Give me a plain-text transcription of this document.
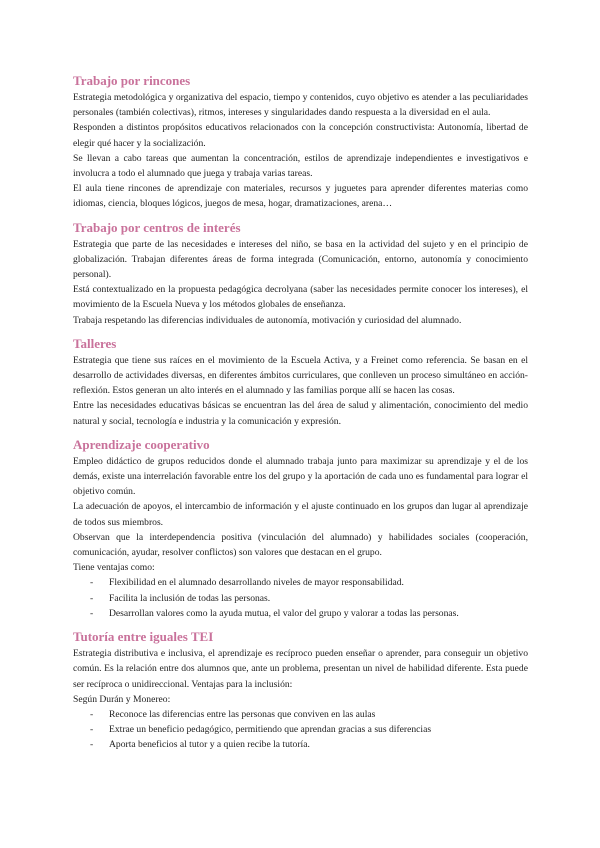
Trabajo por rincones

Estrategia metodológica y organizativa del espacio, tiempo y contenidos, cuyo objetivo es atender a las peculiaridades personales (también colectivas), ritmos, intereses y singularidades dando respuesta a la diversidad en el aula.

Responden a distintos propósitos educativos relacionados con la concepción constructivista: Autonomía, libertad de elegir qué hacer y la socialización.

Se llevan a cabo tareas que aumentan la concentración, estilos de aprendizaje independientes e investigativos e involucra a todo el alumnado que juega y trabaja varias tareas.

El aula tiene rincones de aprendizaje con materiales, recursos y juguetes para aprender diferentes materias como idiomas, ciencia, bloques lógicos, juegos de mesa, hogar, dramatizaciones, arena…

Trabajo por centros de interés

Estrategia que parte de las necesidades e intereses del niño, se basa en la actividad del sujeto y en el principio de globalización. Trabajan diferentes áreas de forma integrada (Comunicación, entorno, autonomía y conocimiento personal).

Está contextualizado en la propuesta pedagógica decrolyana (saber las necesidades permite conocer los intereses), el movimiento de la Escuela Nueva y los métodos globales de enseñanza.

Trabaja respetando las diferencias individuales de autonomía, motivación y curiosidad del alumnado.

Talleres

Estrategia que tiene sus raíces en el movimiento de la Escuela Activa, y a Freinet como referencia. Se basan en el desarrollo de actividades diversas, en diferentes ámbitos curriculares, que conlleven un proceso simultáneo en acción-reflexión. Estos generan un alto interés en el alumnado y las familias porque allí se hacen las cosas.

Entre las necesidades educativas básicas se encuentran las del área de salud y alimentación, conocimiento del medio natural y social, tecnología e industria y la comunicación y expresión.

Aprendizaje cooperativo

Empleo didáctico de grupos reducidos donde el alumnado trabaja junto para maximizar su aprendizaje y el de los demás, existe una interrelación favorable entre los del grupo y la aportación de cada uno es fundamental para lograr el objetivo común.

La adecuación de apoyos, el intercambio de información y el ajuste continuado en los grupos dan lugar al aprendizaje de todos sus miembros.

Observan que la interdependencia positiva (vinculación del alumnado) y habilidades sociales (cooperación, comunicación, ayudar, resolver conflictos) son valores que destacan en el grupo.

Tiene ventajas como:

- Flexibilidad en el alumnado desarrollando niveles de mayor responsabilidad.
- Facilita la inclusión de todas las personas.
- Desarrollan valores como la ayuda mutua, el valor del grupo y valorar a todas las personas.
Tutoría entre iguales TEI

Estrategia distributiva e inclusiva, el aprendizaje es recíproco pueden enseñar o aprender, para conseguir un objetivo común. Es la relación entre dos alumnos que, ante un problema, presentan un nivel de habilidad diferente. Esta puede ser recíproca o unidireccional. Ventajas para la inclusión:

Según Durán y Monereo:

- Reconoce las diferencias entre las personas que conviven en las aulas
- Extrae un beneficio pedagógico, permitiendo que aprendan gracias a sus diferencias
- Aporta beneficios al tutor y a quien recibe la tutoría.
